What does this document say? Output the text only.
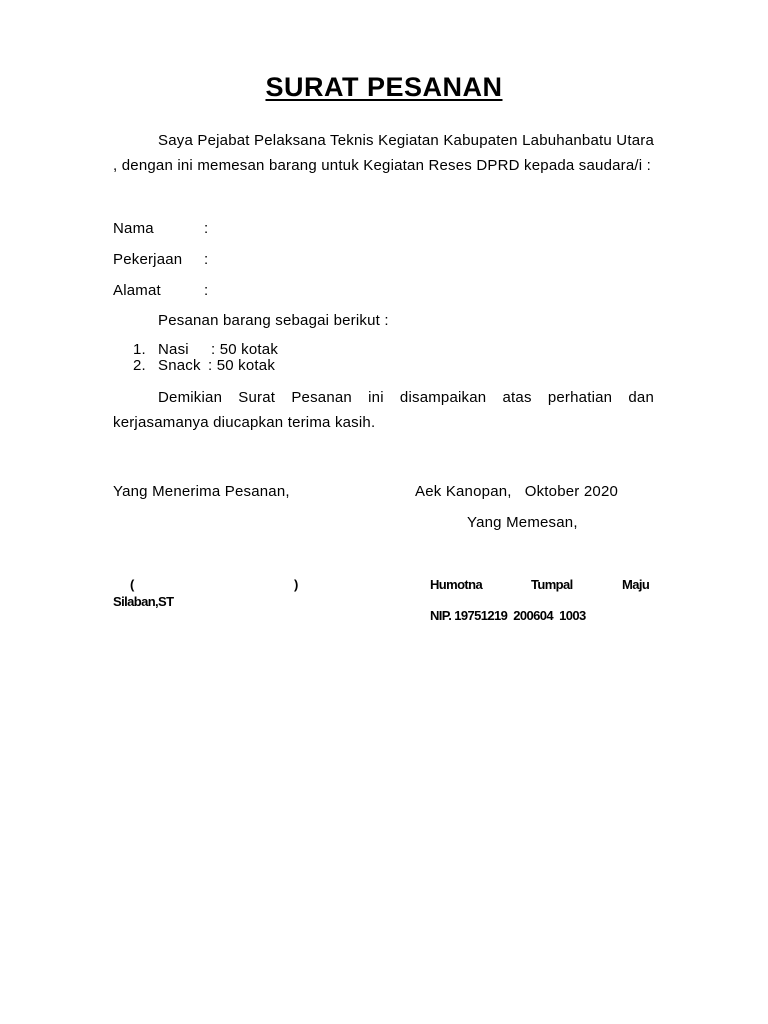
SURAT PESANAN
Saya Pejabat Pelaksana Teknis Kegiatan Kabupaten Labuhanbatu Utara , dengan ini memesan barang untuk Kegiatan Reses DPRD kepada saudara/i :
Nama	:
Pekerjaan :
Alamat	:
Pesanan barang sebagai berikut :
1. Nasi : 50 kotak
2. Snack : 50 kotak
Demikian Surat Pesanan ini disampaikan atas perhatian dan kerjasamanya diucapkan terima kasih.
Yang Menerima Pesanan,	Aek Kanopan,   Oktober 2020
Yang Memesan,
(	)	Humotna	Tumpal	Maju
Silaban,ST
NIP. 19751219  200604  1003
